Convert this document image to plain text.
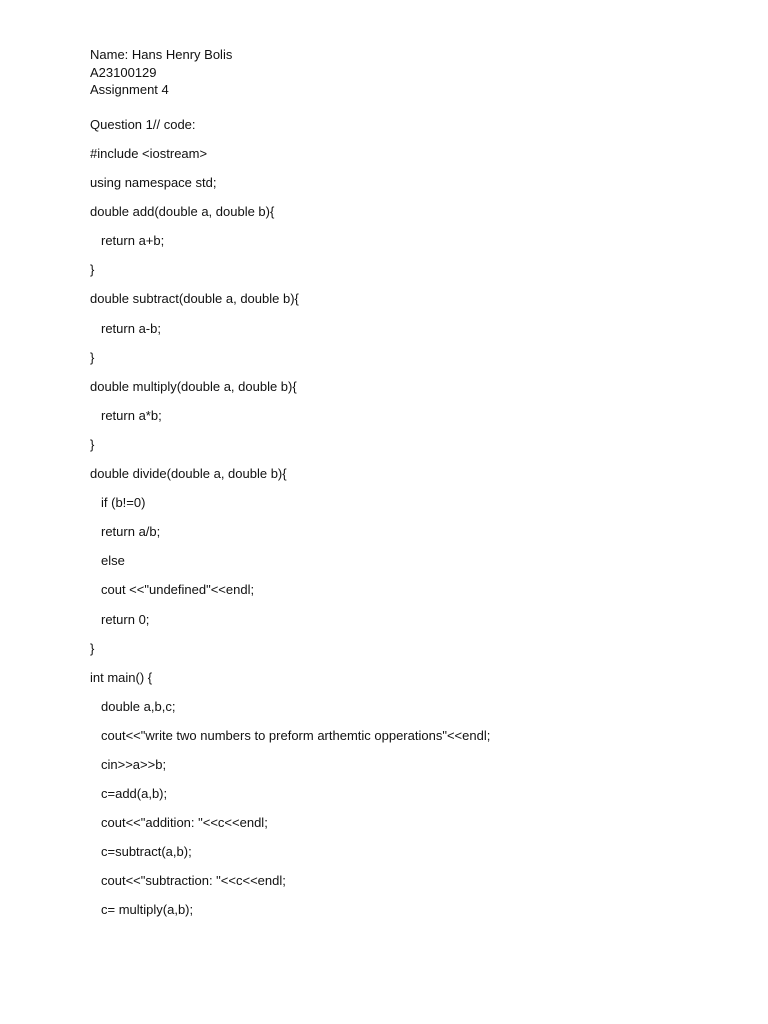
Name: Hans Henry Bolis
A23100129
Assignment 4
Question 1// code:
#include <iostream>
using namespace std;
double add(double a, double b){
return a+b;
}
double subtract(double a, double b){
return a-b;
}
double multiply(double a, double b){
return a*b;
}
double divide(double a, double b){
if (b!=0)
return a/b;
else
cout <<"undefined"<<endl;
return 0;
}
int main() {
double a,b,c;
cout<<"write two numbers to preform arthemtic opperations"<<endl;
cin>>a>>b;
c=add(a,b);
cout<<"addition: "<<c<<endl;
c=subtract(a,b);
cout<<"subtraction: "<<c<<endl;
c= multiply(a,b);
